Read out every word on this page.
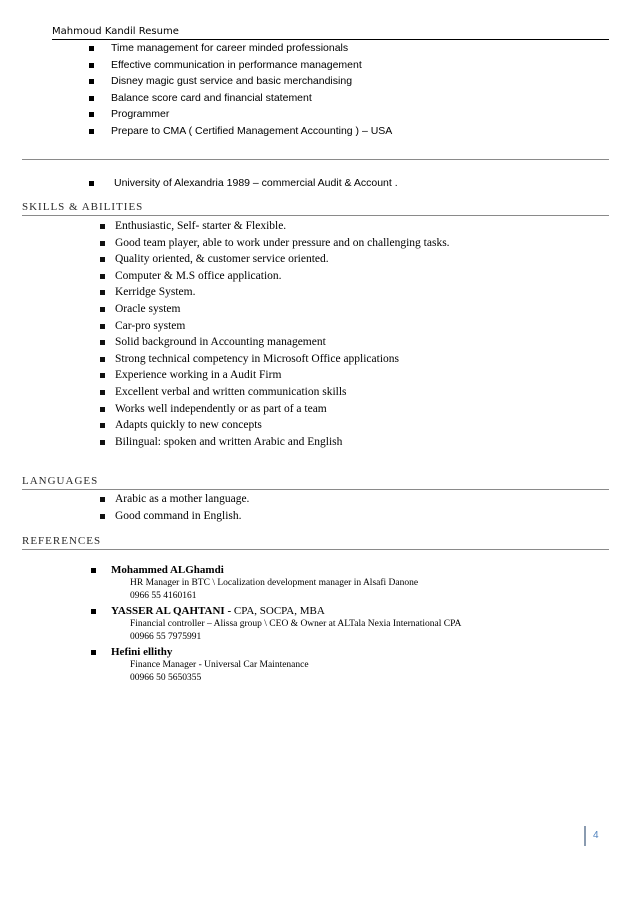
Mahmoud Kandil Resume
Time management for career minded professionals
Effective communication in performance management
Disney magic gust service and basic merchandising
Balance score card and financial statement
Programmer
Prepare to CMA ( Certified Management Accounting ) – USA
University of Alexandria 1989 – commercial Audit & Account .
SKILLS & ABILITIES
Enthusiastic, Self- starter & Flexible.
Good team player, able to work under pressure and on challenging tasks.
Quality oriented, & customer service oriented.
Computer & M.S office application.
Kerridge System.
Oracle system
Car-pro system
Solid background in Accounting management
Strong technical competency in Microsoft Office applications
Experience working in a Audit Firm
Excellent verbal and written communication skills
Works well independently or as part of a team
Adapts quickly to new concepts
Bilingual: spoken and written Arabic and English
LANGUAGES
Arabic as a mother language.
Good command in English.
REFERENCES
Mohammed ALGhamdi
HR Manager in BTC \ Localization development manager in Alsafi Danone
0966 55 4160161
YASSER AL QAHTANI - CPA, SOCPA, MBA
Financial controller – Alissa group \ CEO & Owner at ALTala Nexia International CPA
00966 55 7975991
Hefini ellithy
Finance Manager - Universal Car Maintenance
00966 50 5650355
4
